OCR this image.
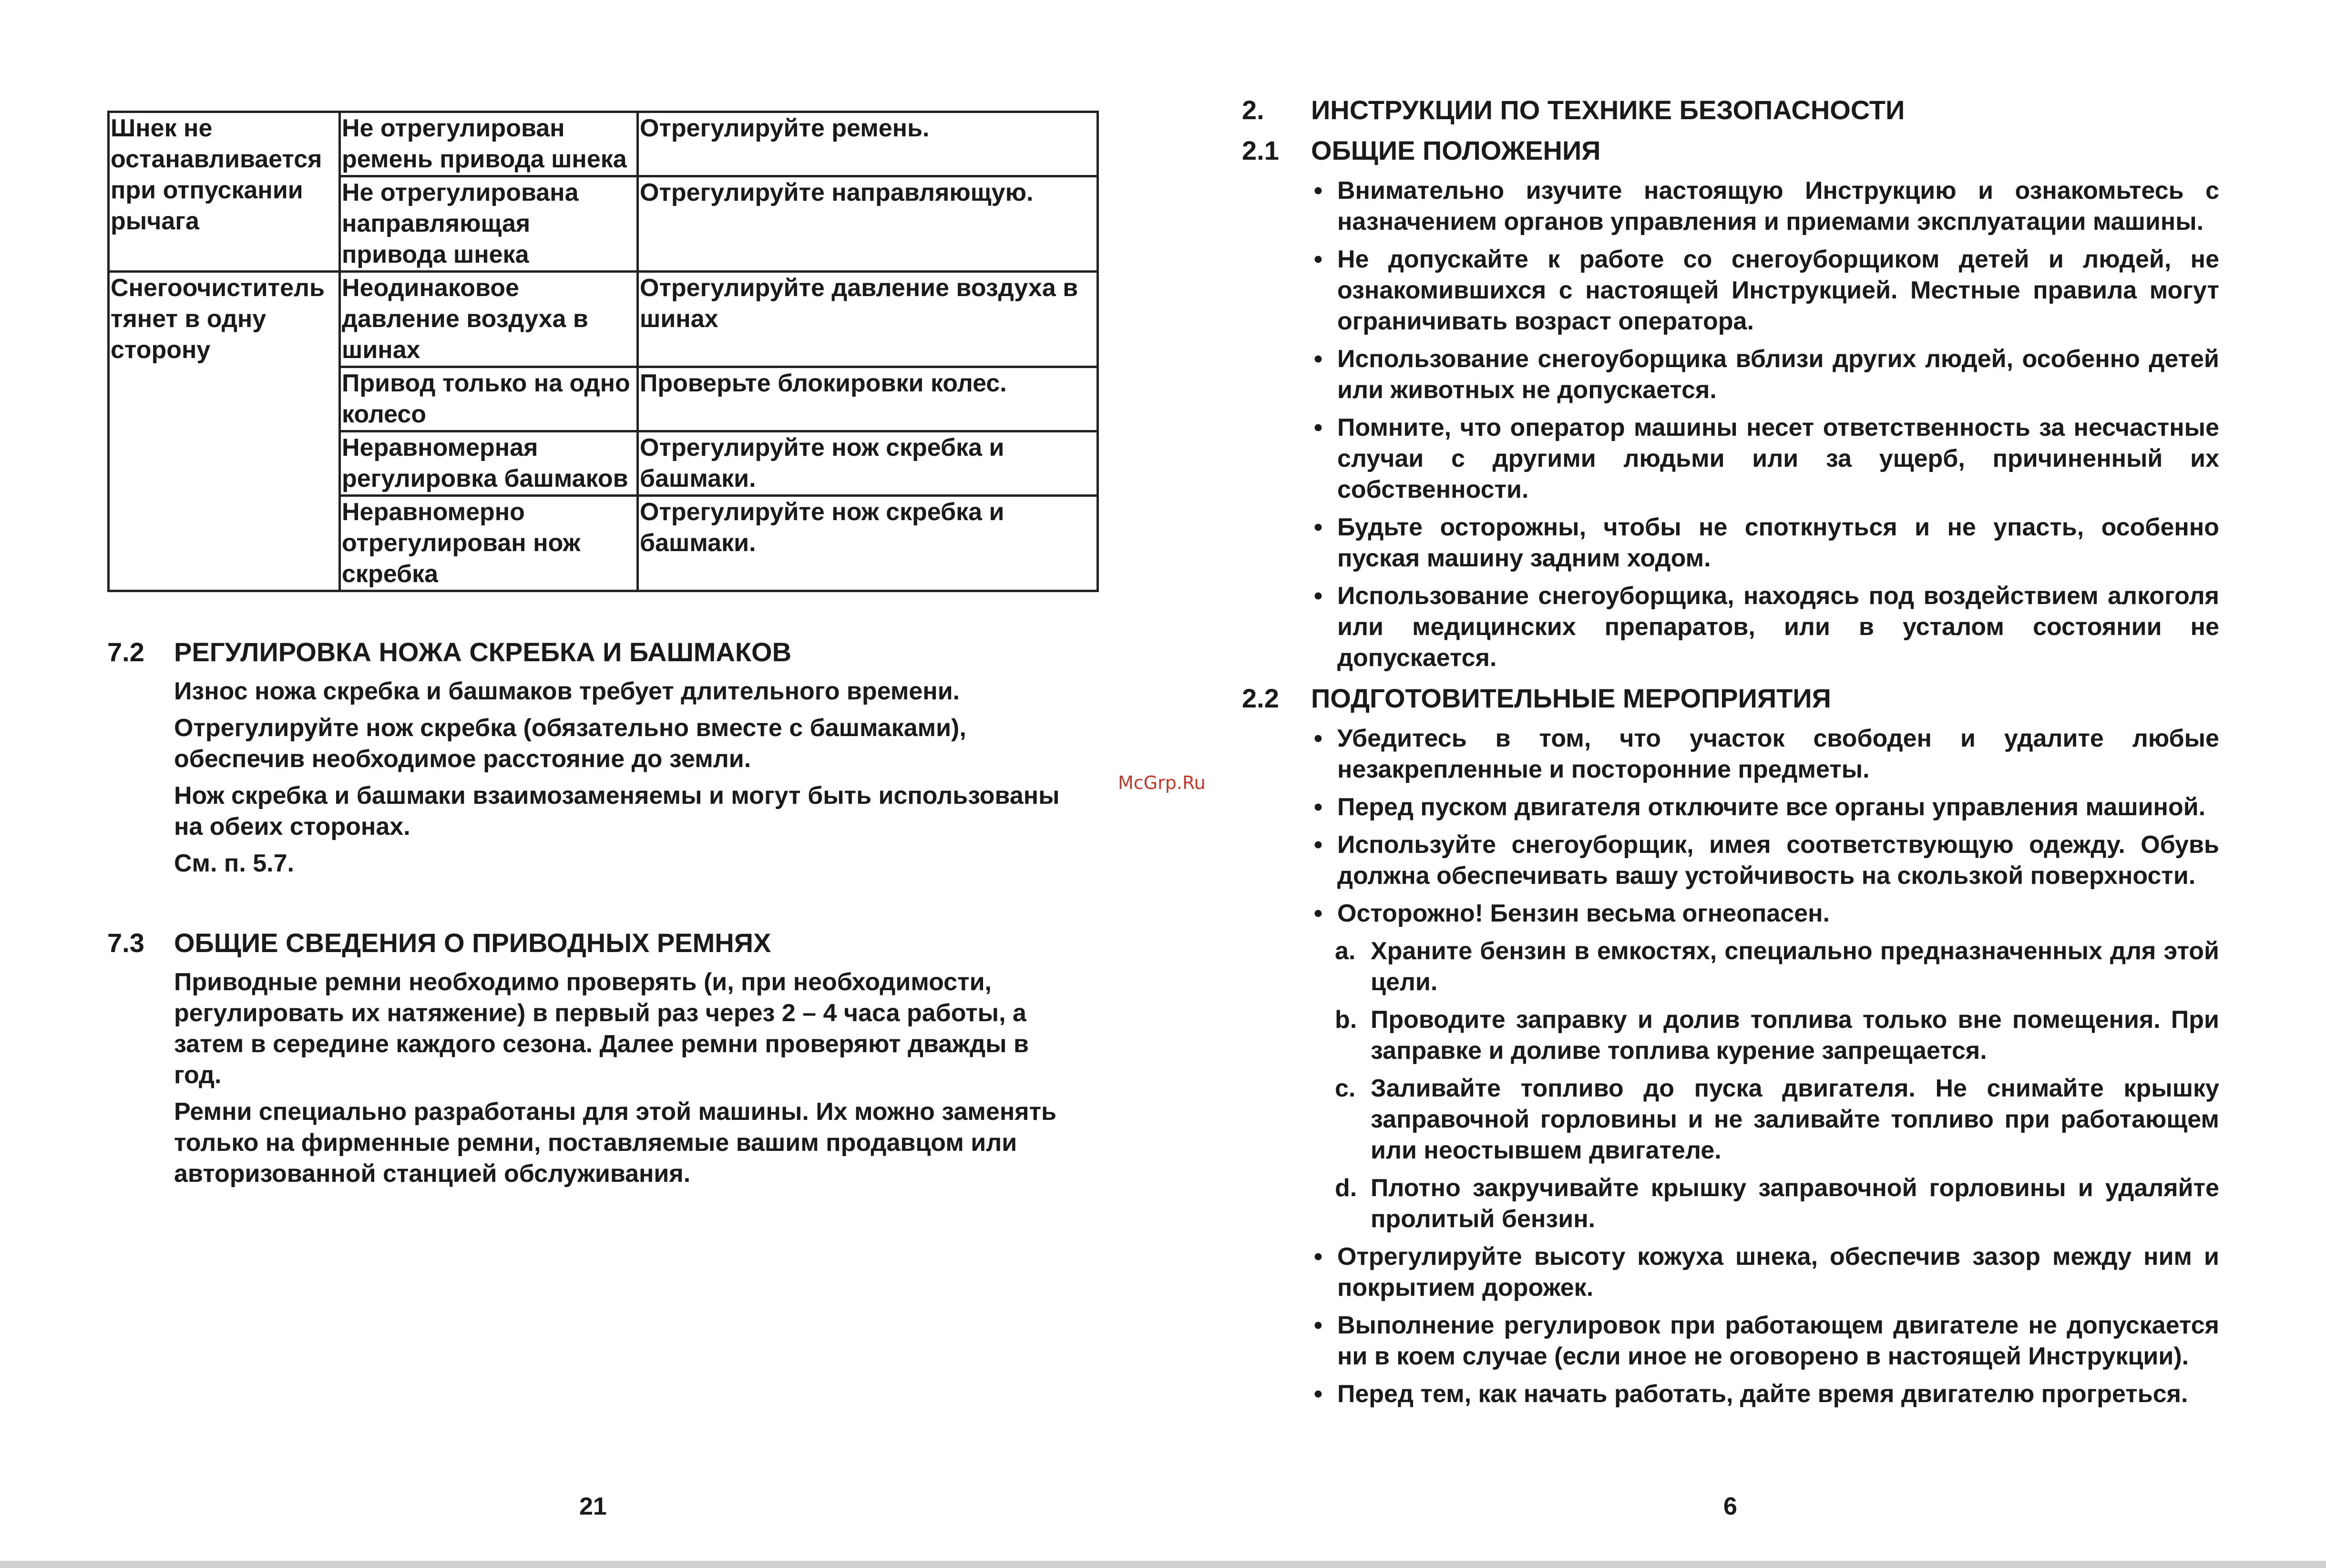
Шнек не останавливается при отпускании рычага	Не отрегулирован ремень привода шнека	Отрегулируйте ремень.
	Не отрегулирована направляющая привода шнека	Отрегулируйте направляющую.
Снегоочиститель тянет в одну сторону	Неодинаковое давление воздуха в шинах	Отрегулируйте давление воздуха в шинах
	Привод только на одно колесо	Проверьте блокировки колес.
	Неравномерная регулировка башмаков	Отрегулируйте нож скребка и башмаки.
	Неравномерно отрегулирован нож скребка	Отрегулируйте нож скребка и башмаки.
7.2	РЕГУЛИРОВКА НОЖА СКРЕБКА И БАШМАКОВ

Износ ножа скребка и башмаков требует длительного времени.

Отрегулируйте нож скребка (обязательно вместе с башмаками), обеспечив необходимое расстояние до земли.

Нож скребка и башмаки взаимозаменяемы и могут быть использованы на обеих сторонах.

См. п. 5.7.

7.3	ОБЩИЕ СВЕДЕНИЯ О ПРИВОДНЫХ РЕМНЯХ

Приводные ремни необходимо проверять (и, при необходимости, регулировать их натяжение) в первый раз через 2 – 4 часа работы, а затем в середине каждого сезона. Далее ремни проверяют дважды в год.

Ремни специально разработаны для этой машины. Их можно заменять только на фирменные ремни, поставляемые вашим продавцом или авторизованной станцией обслуживания.

21
McGrp.Ru
2.	ИНСТРУКЦИИ ПО ТЕХНИКЕ БЕЗОПАСНОСТИ
2.1	ОБЩИЕ ПОЛОЖЕНИЯ
• Внимательно изучите настоящую Инструкцию и ознакомьтесь с назначением органов управления и приемами эксплуатации машины.
• Не допускайте к работе со снегоуборщиком детей и людей, не ознакомившихся с настоящей Инструкцией. Местные правила могут ограничивать возраст оператора.
• Использование снегоуборщика вблизи других людей, особенно детей или животных не допускается.
• Помните, что оператор машины несет ответственность за несчастные случаи с другими людьми или за ущерб, причиненный их собственности.
• Будьте осторожны, чтобы не споткнуться и не упасть, особенно пуская машину задним ходом.
• Использование снегоуборщика, находясь под воздействием алкоголя или медицинских препаратов, или в усталом состоянии не допускается.
2.2	ПОДГОТОВИТЕЛЬНЫЕ МЕРОПРИЯТИЯ
• Убедитесь в том, что участок свободен и удалите любые незакрепленные и посторонние предметы.
• Перед пуском двигателя отключите все органы управления машиной.
• Используйте снегоуборщик, имея соответствующую одежду. Обувь должна обеспечивать вашу устойчивость на скользкой поверхности.
• Осторожно! Бензин весьма огнеопасен.
a. Храните бензин в емкостях, специально предназначенных для этой цели.
b. Проводите заправку и долив топлива только вне помещения. При заправке и доливе топлива курение запрещается.
c. Заливайте топливо до пуска двигателя. Не снимайте крышку заправочной горловины и не заливайте топливо при работающем или неостывшем двигателе.
d. Плотно закручивайте крышку заправочной горловины и удаляйте пролитый бензин.
• Отрегулируйте высоту кожуха шнека, обеспечив зазор между ним и покрытием дорожек.
• Выполнение регулировок при работающем двигателе не допускается ни в коем случае (если иное не оговорено в настоящей Инструкции).
• Перед тем, как начать работать, дайте время двигателю прогреться.
6
